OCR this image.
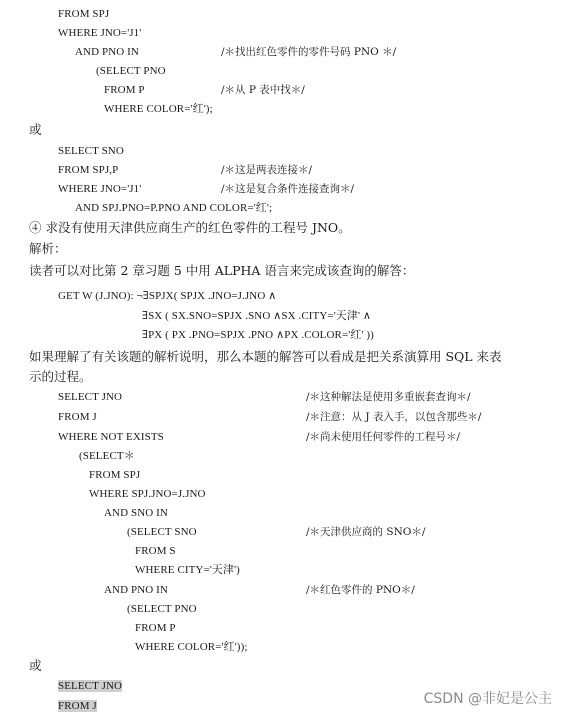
FROM SPJ
WHERE JNO='J1'
AND PNO IN	/＊找出红色零件的零件号码 PNO ＊/
(SELECT PNO
FROM P	/＊从 P 表中找＊/
WHERE COLOR='红');
或
SELECT SNO
FROM SPJ,P	/＊这是两表连接＊/
WHERE JNO='J1'	/＊这是复合条件连接查询＊/
AND SPJ.PNO=P.PNO AND COLOR='红';
④ 求没有使用天津供应商生产的红色零件的工程号 JNO。
解析：
读者可以对比第 2 章习题 5 中用 ALPHA 语言来完成该查询的解答：
GET W (J.JNO): ¬∃SPJX( SPJX .JNO=J.JNO ∧
∃SX ( SX.SNO=SPJX .SNO ∧SX .CITY='天津' ∧
∃PX ( PX .PNO=SPJX .PNO ∧PX .COLOR='红' ))
如果理解了有关该题的解析说明，那么本题的解答可以看成是把关系演算用 SQL 来表
示的过程。
SELECT JNO	/＊这种解法是使用多重嵌套查询＊/
FROM J	/＊注意：从 J 表入手，以包含那些＊/
WHERE NOT EXISTS	/＊尚未使用任何零件的工程号＊/
(SELECT＊
FROM SPJ
WHERE SPJ.JNO=J.JNO
AND SNO IN
(SELECT SNO	/＊天津供应商的 SNO＊/
FROM S
WHERE CITY='天津')
AND PNO IN	/＊红色零件的 PNO＊/
(SELECT PNO
FROM P
WHERE COLOR='红'));
或
SELECT JNO
FROM J	CSDN @非妃是公主
